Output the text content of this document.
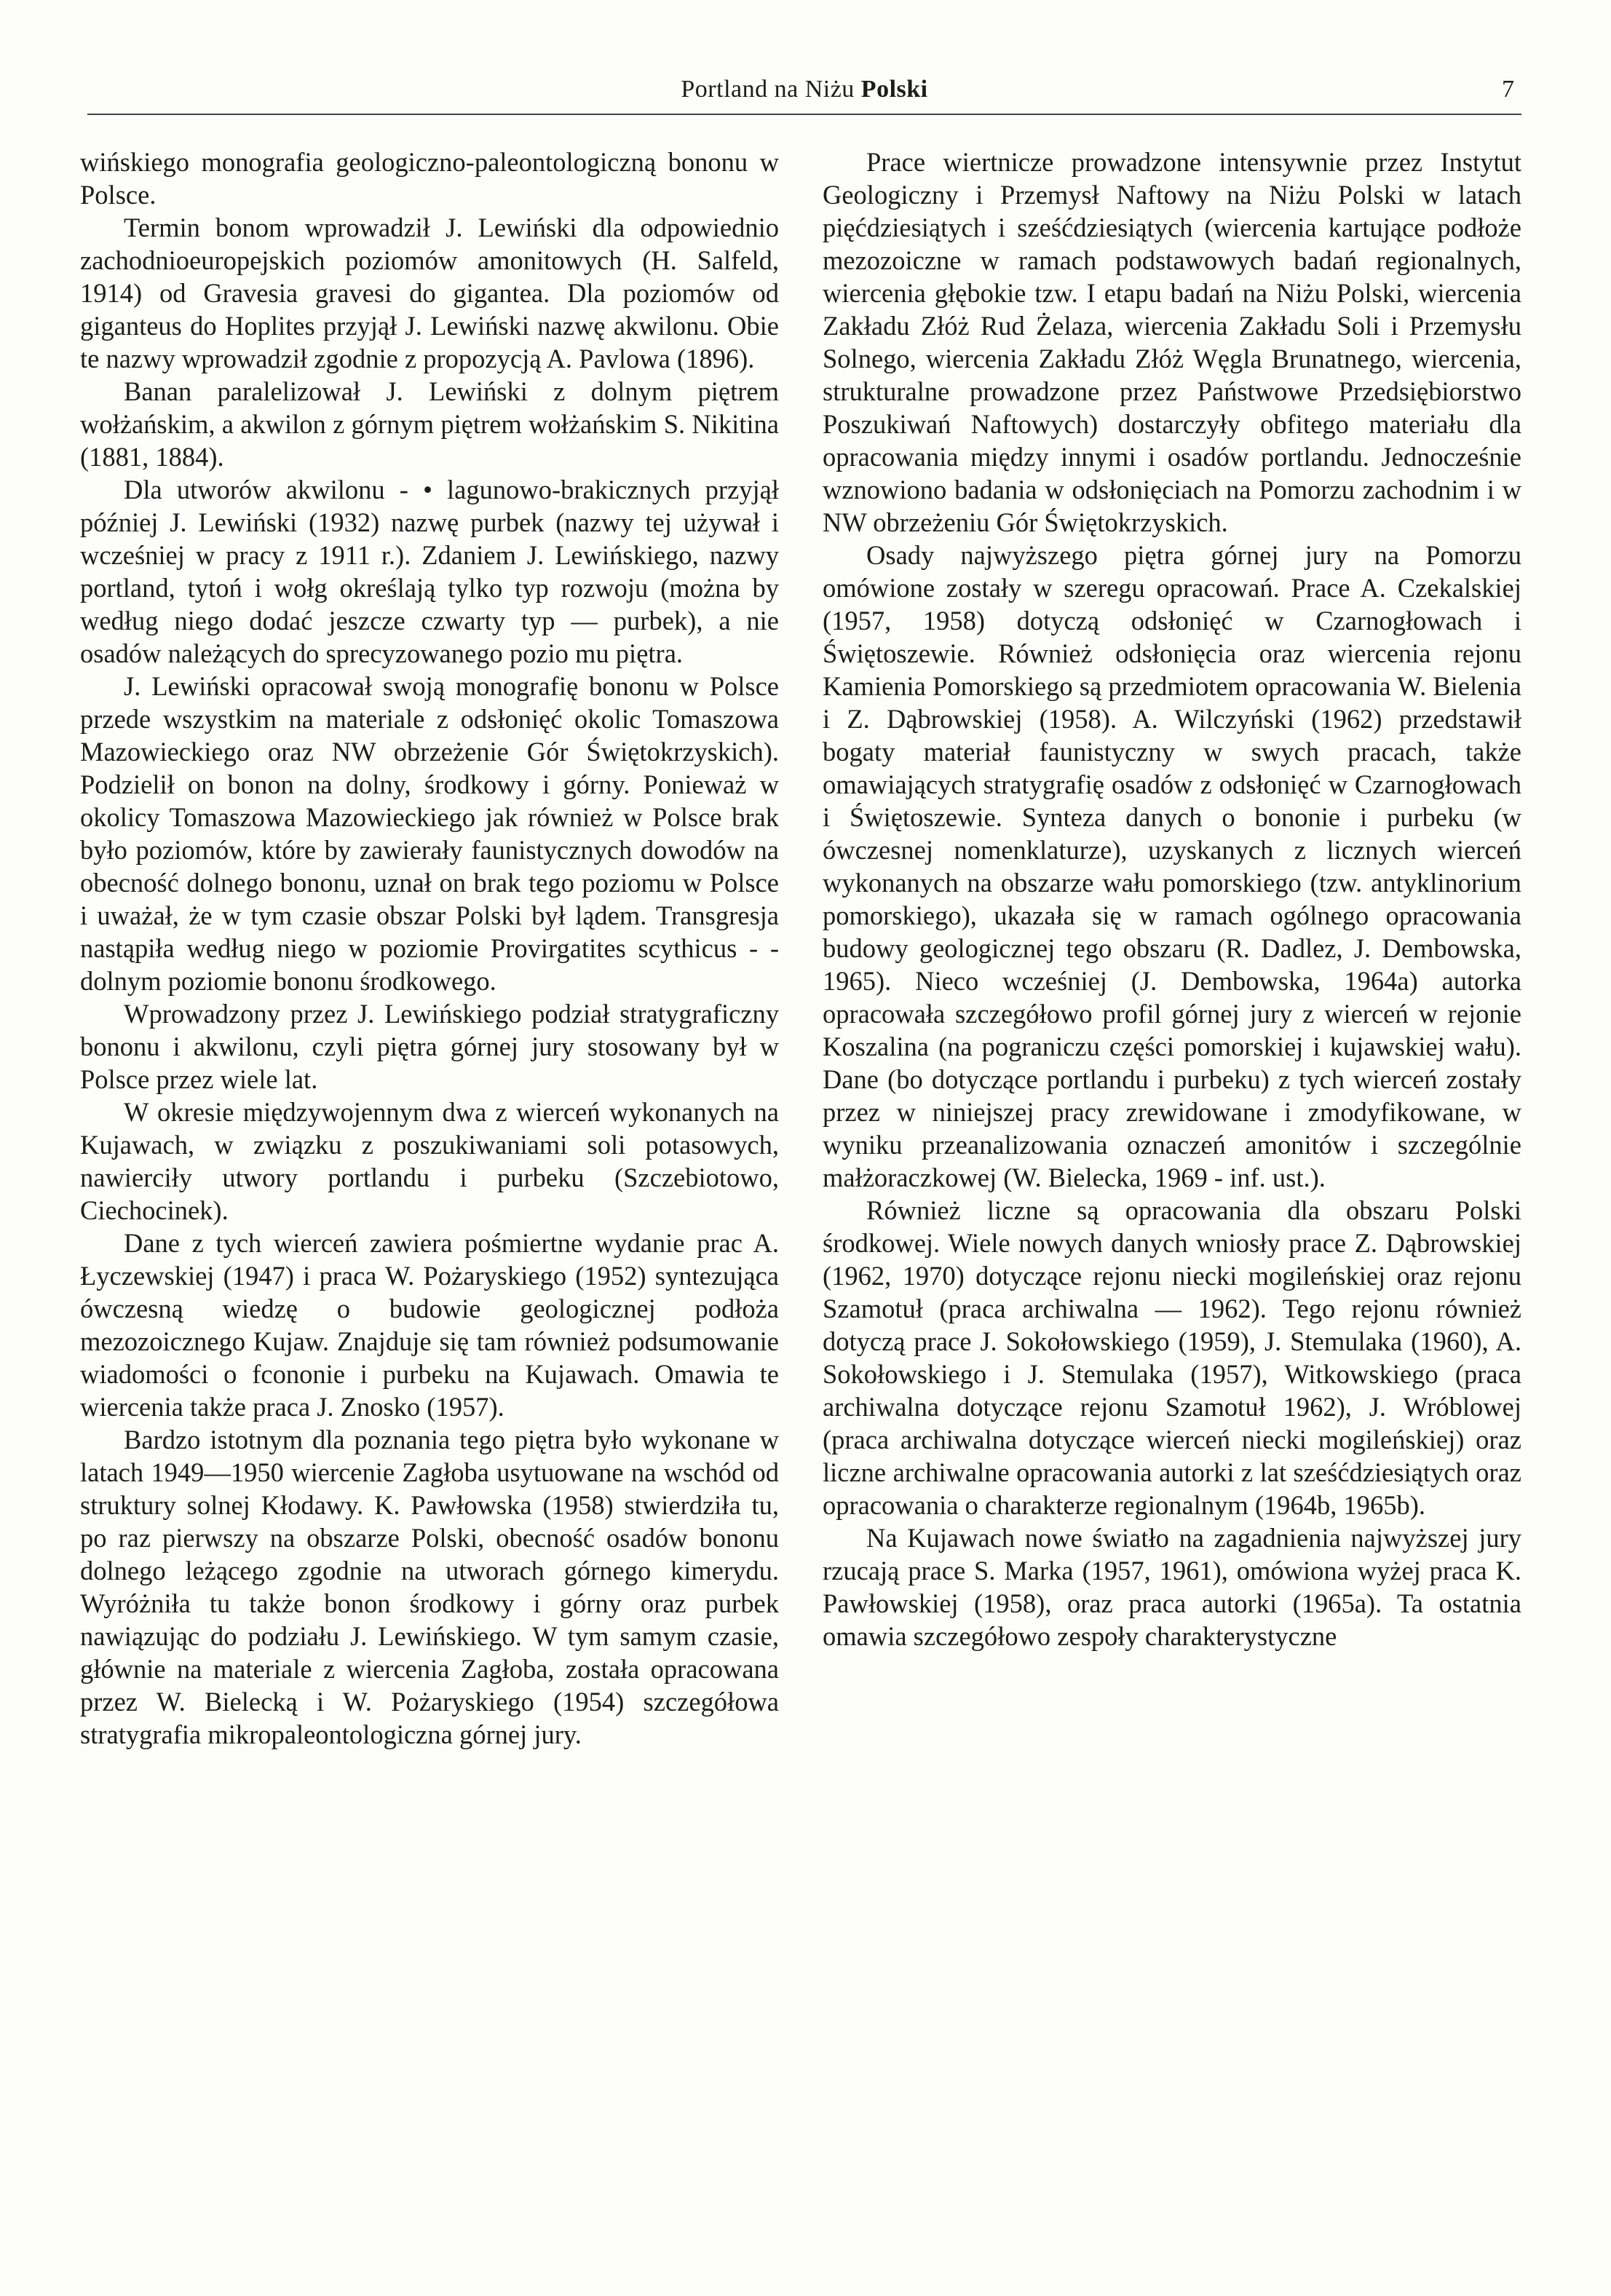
Portland na Niżu Polski	7

wińskiego monografia geologiczno-paleontologiczną bononu w Polsce.

Termin bonom wprowadził J. Lewiński dla odpowiednio zachodnioeuropejskich poziomów amonitowych (H. Salfeld, 1914) od Gravesia gravesi do gigantea. Dla poziomów od giganteus do Hoplites przyjął J. Lewiński nazwę akwilonu. Obie te nazwy wprowadził zgodnie z propozycją A. Pavlowa (1896).

Banan paralelizował J. Lewiński z dolnym piętrem wołżańskim, a akwilon z górnym piętrem wołżańskim S. Nikitina (1881, 1884).

Dla utworów akwilonu - • lagunowo-brakicznych przyjął później J. Lewiński (1932) nazwę purbek (nazwy tej używał i wcześniej w pracy z 1911 r.). Zdaniem J. Lewińskiego, nazwy portland, tytoń i wołg określają tylko typ rozwoju (można by według niego dodać jeszcze czwarty typ — purbek), a nie osadów należących do sprecyzowanego pozio mu piętra.

J. Lewiński opracował swoją monografię bononu w Polsce przede wszystkim na materiale z odsłonięć okolic Tomaszowa Mazowieckiego oraz NW obrzeżenie Gór Świętokrzyskich). Podzielił on bonon na dolny, środkowy i górny. Ponieważ w okolicy Tomaszowa Mazowieckiego jak również w Polsce brak było poziomów, które by zawierały faunistycznych dowodów na obecność dolnego bononu, uznał on brak tego poziomu w Polsce i uważał, że w tym czasie obszar Polski był lądem. Transgresja nastąpiła według niego w poziomie Provirgatites scythicus - - dolnym poziomie bononu środkowego.

Wprowadzony przez J. Lewińskiego podział stratygraficzny bononu i akwilonu, czyli piętra górnej jury stosowany był w Polsce przez wiele lat.

W okresie międzywojennym dwa z wierceń wykonanych na Kujawach, w związku z poszukiwaniami soli potasowych, nawierciły utwory portlandu i purbeku (Szczebiotowo, Ciechocinek).

Dane z tych wierceń zawiera pośmiertne wydanie prac A. Łyczewskiej (1947) i praca W. Pożaryskiego (1952) syntezująca ówczesną wiedzę o budowie geologicznej podłoża mezozoicznego Kujaw. Znajduje się tam również podsumowanie wiadomości o fcononie i purbeku na Kujawach. Omawia te wiercenia także praca J. Znosko (1957).

Bardzo istotnym dla poznania tego piętra było wykonane w latach 1949—1950 wiercenie Zagłoba usytuowane na wschód od struktury solnej Kłodawy. K. Pawłowska (1958) stwierdziła tu, po raz pierwszy na obszarze Polski, obecność osadów bononu dolnego leżącego zgodnie na utworach górnego kimerydu. Wyróżniła tu także bonon środkowy i górny oraz purbek nawiązując do podziału J. Lewińskiego. W tym samym czasie, głównie na materiale z wiercenia Zagłoba, została opracowana przez W. Bielecką i W. Pożaryskiego (1954) szczegółowa stratygrafia mikropaleontologiczna górnej jury.

Prace wiertnicze prowadzone intensywnie przez Instytut Geologiczny i Przemysł Naftowy na Niżu Polski w latach pięćdziesiątych i sześćdziesiątych (wiercenia kartujące podłoże mezozoiczne w ramach podstawowych badań regionalnych, wiercenia głębokie tzw. I etapu badań na Niżu Polski, wiercenia Zakładu Złóż Rud Żelaza, wiercenia Zakładu Soli i Przemysłu Solnego, wiercenia Zakładu Złóż Węgla Brunatnego, wiercenia, strukturalne prowadzone przez Państwowe Przedsiębiorstwo Poszukiwań Naftowych) dostarczyły obfitego materiału dla opracowania między innymi i osadów portlandu. Jednocześnie wznowiono badania w odsłonięciach na Pomorzu zachodnim i w NW obrzeżeniu Gór Świętokrzyskich.

Osady najwyższego piętra górnej jury na Pomorzu omówione zostały w szeregu opracowań. Prace A. Czekalskiej (1957, 1958) dotyczą odsłonięć w Czarnogłowach i Świętoszewie. Również odsłonięcia oraz wiercenia rejonu Kamienia Pomorskiego są przedmiotem opracowania W. Bielenia i Z. Dąbrowskiej (1958). A. Wilczyński (1962) przedstawił bogaty materiał faunistyczny w swych pracach, także omawiających stratygrafię osadów z odsłonięć w Czarnogłowach i Świętoszewie. Synteza danych o bononie i purbeku (w ówczesnej nomenklaturze), uzyskanych z licznych wierceń wykonanych na obszarze wału pomorskiego (tzw. antyklinorium pomorskiego), ukazała się w ramach ogólnego opracowania budowy geologicznej tego obszaru (R. Dadlez, J. Dembowska, 1965). Nieco wcześniej (J. Dembowska, 1964a) autorka opracowała szczegółowo profil górnej jury z wierceń w rejonie Koszalina (na pograniczu części pomorskiej i kujawskiej wału). Dane (bo dotyczące portlandu i purbeku) z tych wierceń zostały przez w niniejszej pracy zrewidowane i zmodyfikowane, w wyniku przeanalizowania oznaczeń amonitów i szczególnie małżoraczkowej (W. Bielecka, 1969 - inf. ust.).

Również liczne są opracowania dla obszaru Polski środkowej. Wiele nowych danych wniosły prace Z. Dąbrowskiej (1962, 1970) dotyczące rejonu niecki mogileńskiej oraz rejonu Szamotuł (praca archiwalna — 1962). Tego rejonu również dotyczą prace J. Sokołowskiego (1959), J. Stemulaka (1960), A. Sokołowskiego i J. Stemulaka (1957), Witkowskiego (praca archiwalna dotyczące rejonu Szamotuł 1962), J. Wróblowej (praca archiwalna dotyczące wierceń niecki mogileńskiej) oraz liczne archiwalne opracowania autorki z lat sześćdziesiątych oraz opracowania o charakterze regionalnym (1964b, 1965b).

Na Kujawach nowe światło na zagadnienia najwyższej jury rzucają prace S. Marka (1957, 1961), omówiona wyżej praca K. Pawłowskiej (1958), oraz praca autorki (1965a). Ta ostatnia omawia szczegółowo zespoły charakterystyczne
